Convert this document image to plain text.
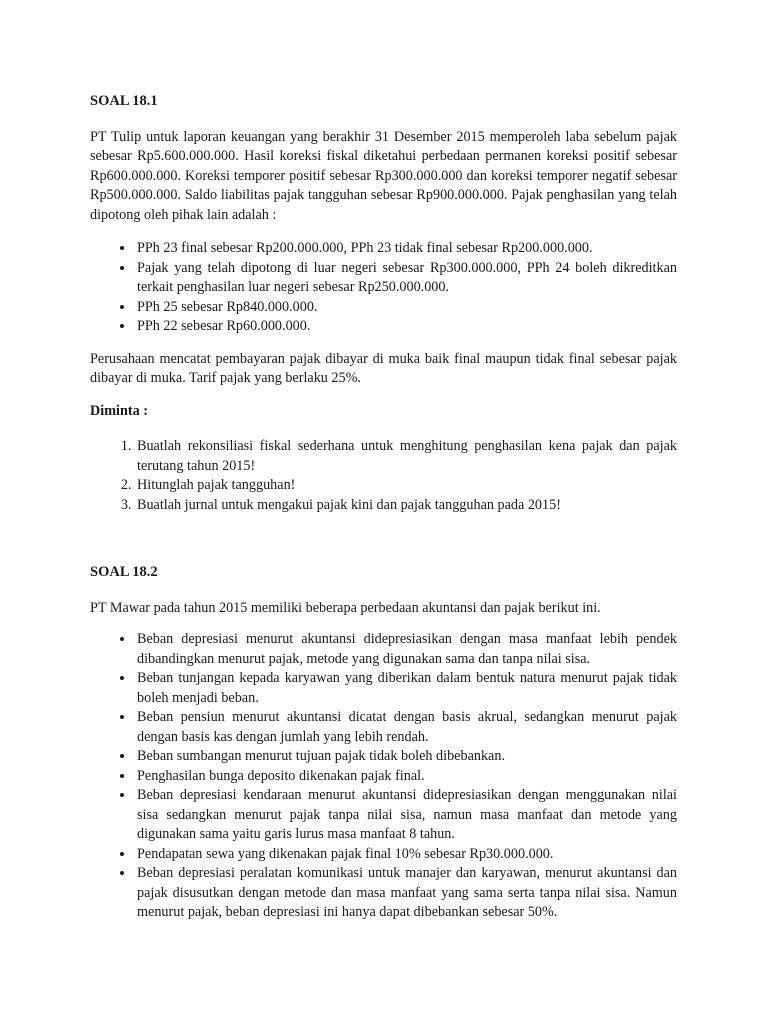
SOAL 18.1

PT Tulip untuk laporan keuangan yang berakhir 31 Desember 2015 memperoleh laba sebelum pajak sebesar Rp5.600.000.000. Hasil koreksi fiskal diketahui perbedaan permanen koreksi positif sebesar Rp600.000.000. Koreksi temporer positif sebesar Rp300.000.000 dan koreksi temporer negatif sebesar Rp500.000.000. Saldo liabilitas pajak tangguhan sebesar Rp900.000.000. Pajak penghasilan yang telah dipotong oleh pihak lain adalah :

• PPh 23 final sebesar Rp200.000.000, PPh 23 tidak final sebesar Rp200.000.000.
• Pajak yang telah dipotong di luar negeri sebesar Rp300.000.000, PPh 24 boleh dikreditkan terkait penghasilan luar negeri sebesar Rp250.000.000.
• PPh 25 sebesar Rp840.000.000.
• PPh 22 sebesar Rp60.000.000.

Perusahaan mencatat pembayaran pajak dibayar di muka baik final maupun tidak final sebesar pajak dibayar di muka. Tarif pajak yang berlaku 25%.

Diminta :
1. Buatlah rekonsiliasi fiskal sederhana untuk menghitung penghasilan kena pajak dan pajak terutang tahun 2015!
2. Hitunglah pajak tangguhan!
3. Buatlah jurnal untuk mengakui pajak kini dan pajak tangguhan pada 2015!
SOAL 18.2

PT Mawar pada tahun 2015 memiliki beberapa perbedaan akuntansi dan pajak berikut ini.

• Beban depresiasi menurut akuntansi didepresiasikan dengan masa manfaat lebih pendek dibandingkan menurut pajak, metode yang digunakan sama dan tanpa nilai sisa.
• Beban tunjangan kepada karyawan yang diberikan dalam bentuk natura menurut pajak tidak boleh menjadi beban.
• Beban pensiun menurut akuntansi dicatat dengan basis akrual, sedangkan menurut pajak dengan basis kas dengan jumlah yang lebih rendah.
• Beban sumbangan menurut tujuan pajak tidak boleh dibebankan.
• Penghasilan bunga deposito dikenakan pajak final.
• Beban depresiasi kendaraan menurut akuntansi didepresiasikan dengan menggunakan nilai sisa sedangkan menurut pajak tanpa nilai sisa, namun masa manfaat dan metode yang digunakan sama yaitu garis lurus masa manfaat 8 tahun.
• Pendapatan sewa yang dikenakan pajak final 10% sebesar Rp30.000.000.
• Beban depresiasi peralatan komunikasi untuk manajer dan karyawan, menurut akuntansi dan pajak disusutkan dengan metode dan masa manfaat yang sama serta tanpa nilai sisa. Namun menurut pajak, beban depresiasi ini hanya dapat dibebankan sebesar 50%.
